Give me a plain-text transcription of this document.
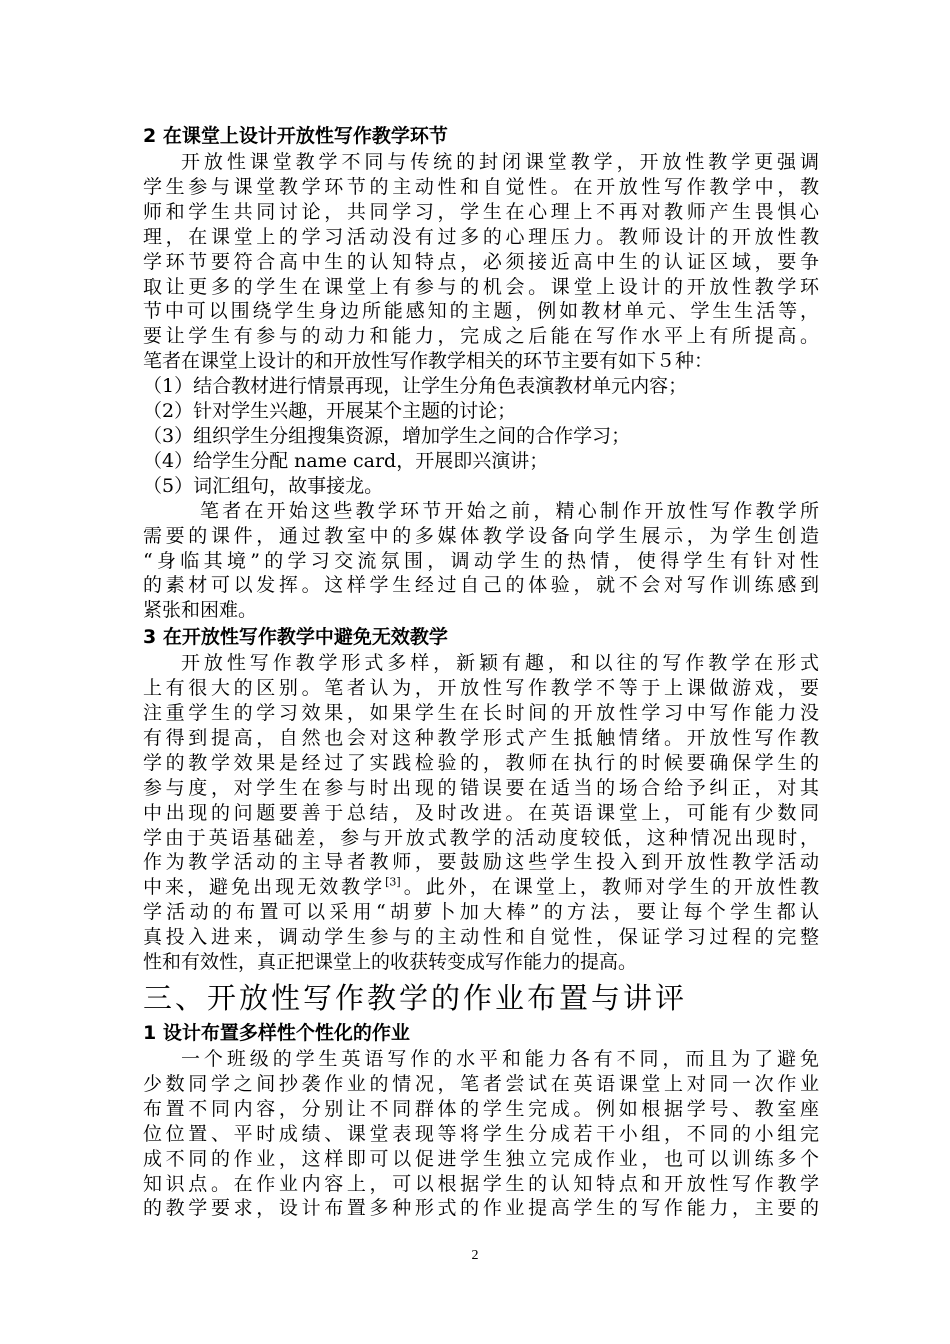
2 在课堂上设计开放性写作教学环节
开放性课堂教学不同与传统的封闭课堂教学，开放性教学更强调
学生参与课堂教学环节的主动性和自觉性。在开放性写作教学中，教
师和学生共同讨论，共同学习，学生在心理上不再对教师产生畏惧心
理，在课堂上的学习活动没有过多的心理压力。教师设计的开放性教
学环节要符合高中生的认知特点，必须接近高中生的认证区域，要争
取让更多的学生在课堂上有参与的机会。课堂上设计的开放性教学环
节中可以围绕学生身边所能感知的主题，例如教材单元、学生生活等，
要让学生有参与的动力和能力，完成之后能在写作水平上有所提高。
笔者在课堂上设计的和开放性写作教学相关的环节主要有如下５种：
（1）结合教材进行情景再现，让学生分角色表演教材单元内容；
（2）针对学生兴趣，开展某个主题的讨论；
（3）组织学生分组搜集资源，增加学生之间的合作学习；
（4）给学生分配 name card，开展即兴演讲；
（5）词汇组句，故事接龙。
笔者在开始这些教学环节开始之前，精心制作开放性写作教学所
需要的课件，通过教室中的多媒体教学设备向学生展示，为学生创造
“身临其境”的学习交流氛围，调动学生的热情，使得学生有针对性
的素材可以发挥。这样学生经过自己的体验，就不会对写作训练感到
紧张和困难。
3 在开放性写作教学中避免无效教学
开放性写作教学形式多样，新颖有趣，和以往的写作教学在形式
上有很大的区别。笔者认为，开放性写作教学不等于上课做游戏，要
注重学生的学习效果，如果学生在长时间的开放性学习中写作能力没
有得到提高，自然也会对这种教学形式产生抵触情绪。开放性写作教
学的教学效果是经过了实践检验的，教师在执行的时候要确保学生的
参与度，对学生在参与时出现的错误要在适当的场合给予纠正，对其
中出现的问题要善于总结，及时改进。在英语课堂上，可能有少数同
学由于英语基础差，参与开放式教学的活动度较低，这种情况出现时，
作为教学活动的主导者教师，要鼓励这些学生投入到开放性教学活动
中来，避免出现无效教学[3]。此外，在课堂上，教师对学生的开放性教
学活动的布置可以采用“胡萝卜加大棒”的方法，要让每个学生都认
真投入进来，调动学生参与的主动性和自觉性，保证学习过程的完整
性和有效性，真正把课堂上的收获转变成写作能力的提高。
三、开放性写作教学的作业布置与讲评
1 设计布置多样性个性化的作业
一个班级的学生英语写作的水平和能力各有不同，而且为了避免
少数同学之间抄袭作业的情况，笔者尝试在英语课堂上对同一次作业
布置不同内容，分别让不同群体的学生完成。例如根据学号、教室座
位位置、平时成绩、课堂表现等将学生分成若干小组，不同的小组完
成不同的作业，这样即可以促进学生独立完成作业，也可以训练多个
知识点。在作业内容上，可以根据学生的认知特点和开放性写作教学
的教学要求，设计布置多种形式的作业提高学生的写作能力，主要的
2
